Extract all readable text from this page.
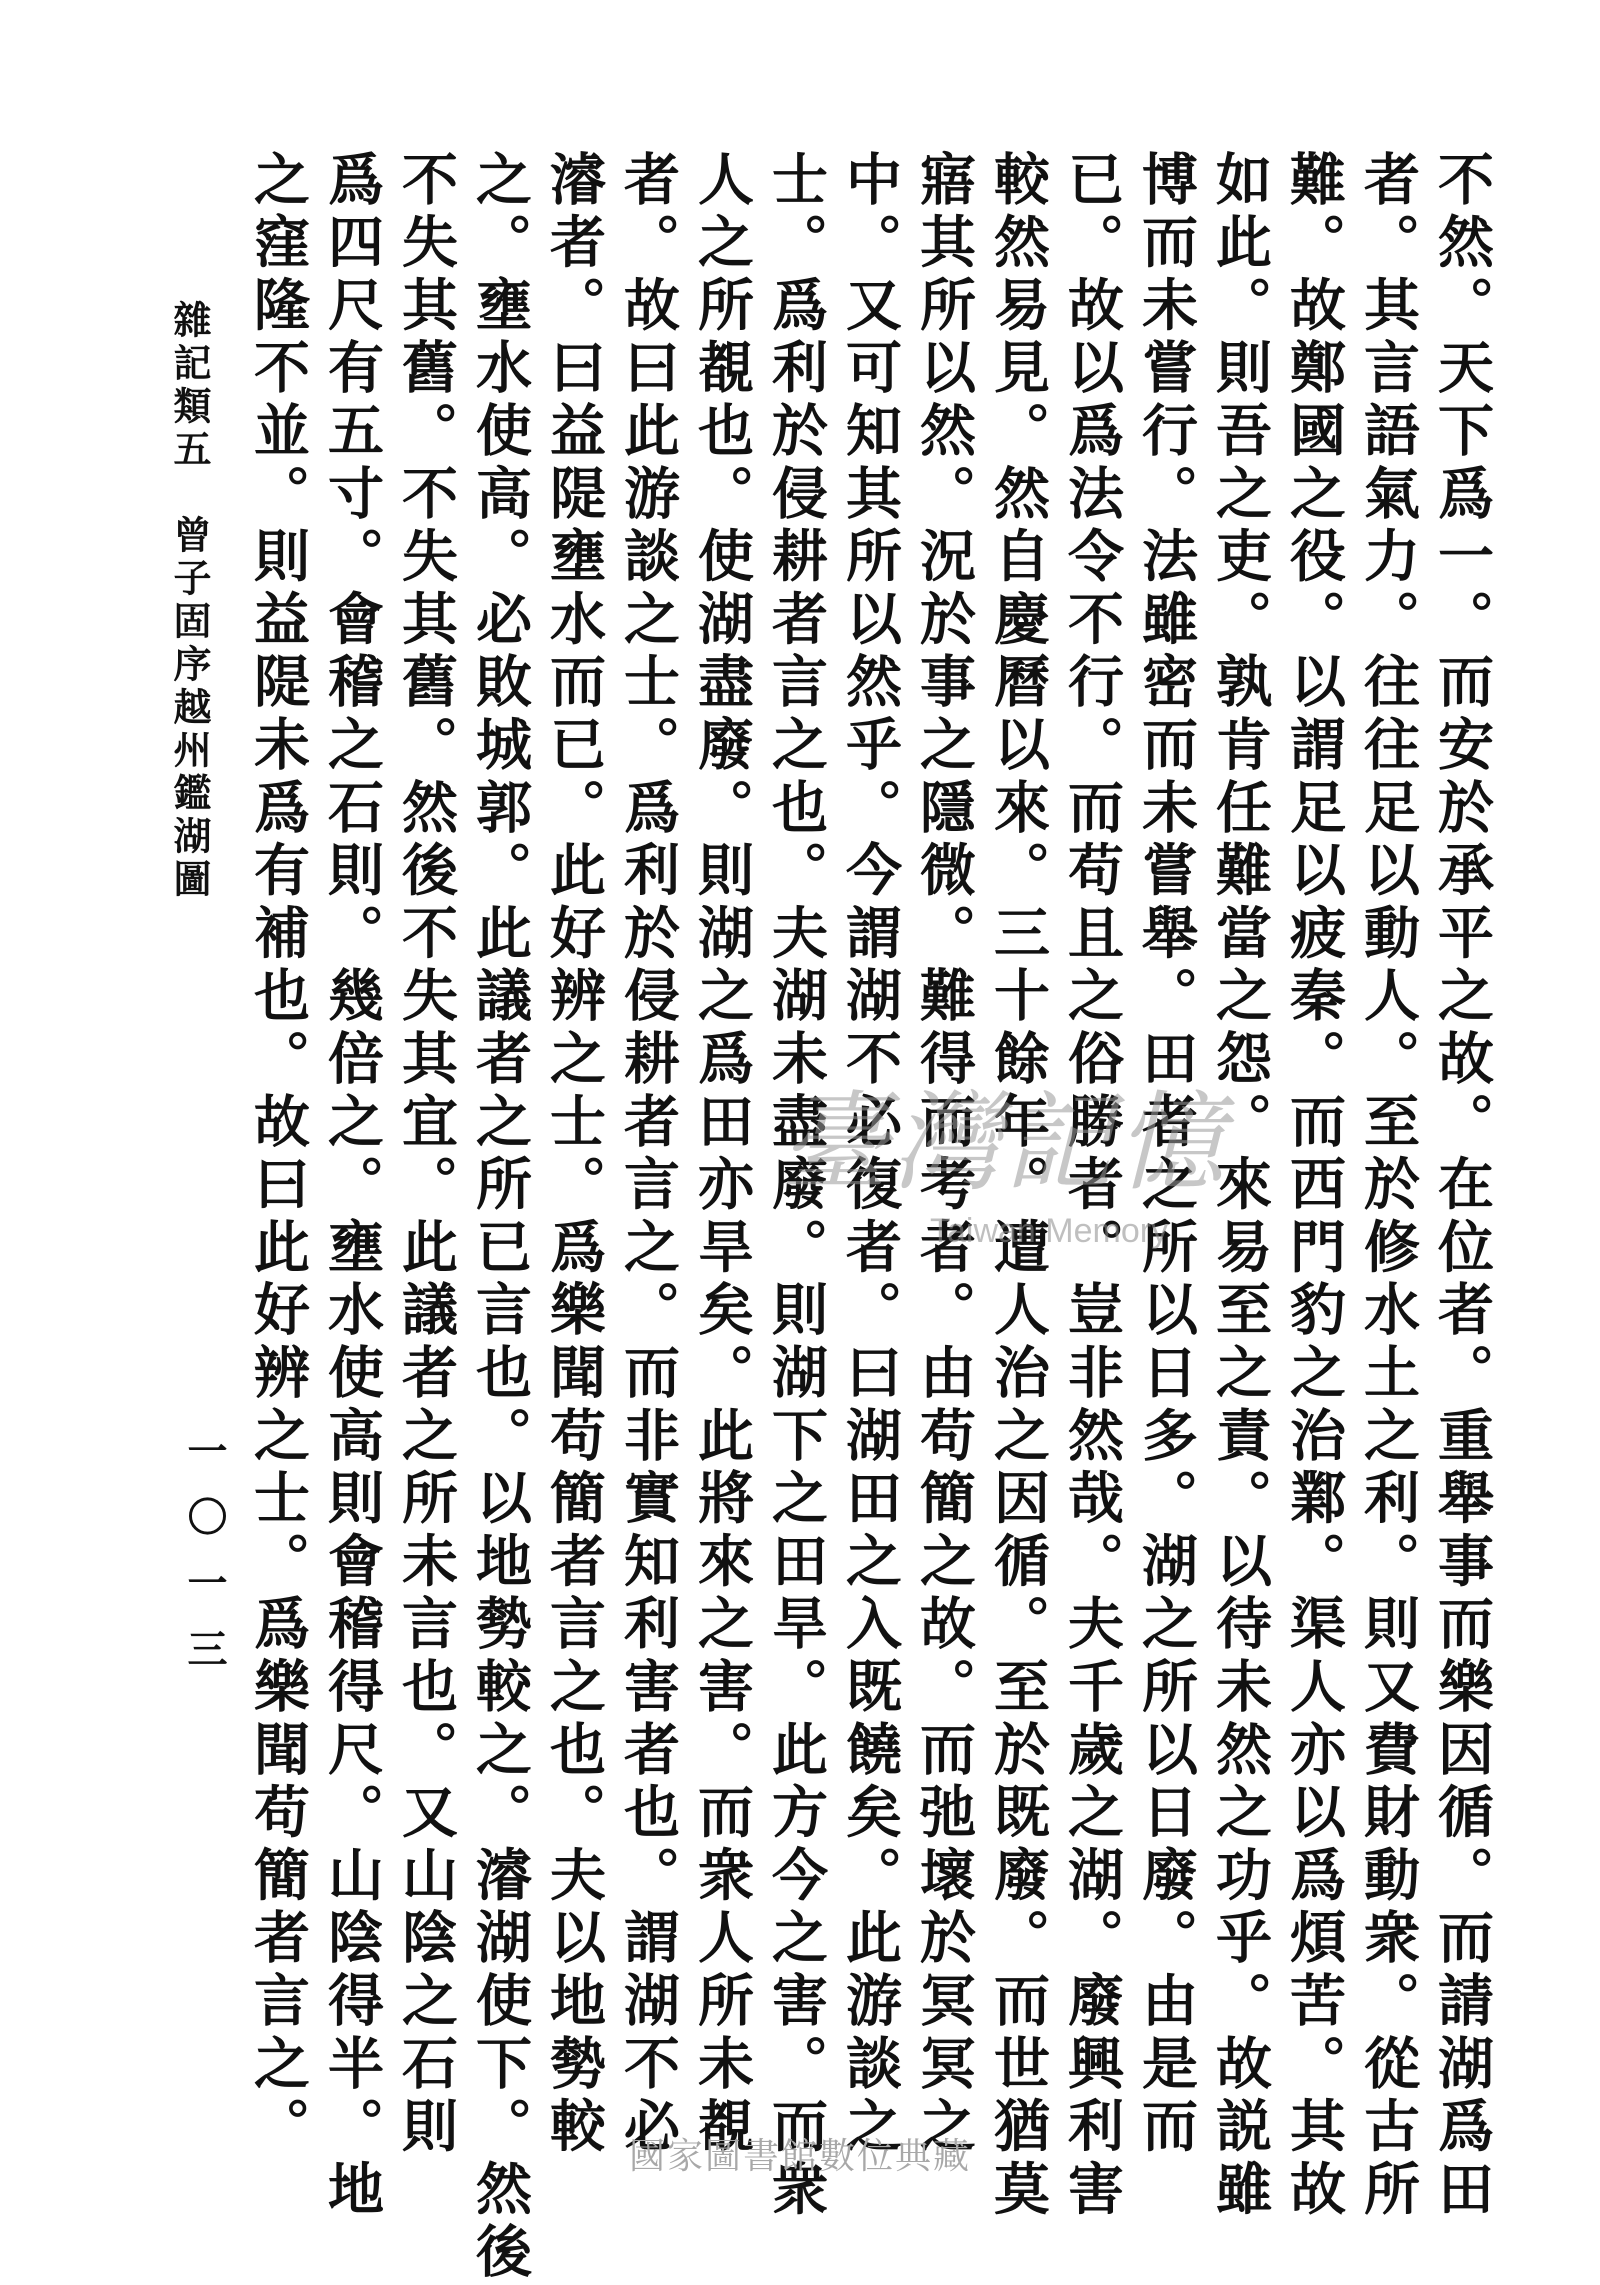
不然。天下爲一。而安於承平之故。在位者。重舉事而樂因循。而請湖爲田
者。其言語氣力。往往足以動人。至於修水土之利。則又費財動衆。從古所
難。故鄭國之役。以謂足以疲秦。而西門豹之治鄴。渠人亦以爲煩苦。其故
如此。則吾之吏。孰肯任難當之怨。來易至之責。以待未然之功乎。故説雖
博而未嘗行。法雖密而未嘗舉。田者之所以日多。湖之所以日廢。由是而
已。故以爲法令不行。而苟且之俗勝者。豈非然哉。夫千歲之湖。廢興利害
較然易見。然自慶曆以來。三十餘年。遭人治之因循。至於既廢。而世猶莫
寤其所以然。況於事之隱微。難得而考者。由苟簡之故。而弛壞於冥冥之
中。又可知其所以然乎。今謂湖不必復者。曰湖田之入既饒矣。此游談之
士。爲利於侵耕者言之也。夫湖未盡廢。則湖下之田旱。此方今之害。而衆
人之所覩也。使湖盡廢。則湖之爲田亦旱矣。此將來之害。而衆人所未覩
者。故曰此游談之士。爲利於侵耕者言之。而非實知利害者也。謂湖不必
濬者。曰益隄壅水而已。此好辨之士。爲樂聞苟簡者言之也。夫以地勢較
之。壅水使高。必敗城郭。此議者之所已言也。以地勢較之。濬湖使下。然後
不失其舊。不失其舊。然後不失其宜。此議者之所未言也。又山陰之石則
爲四尺有五寸。會稽之石則。幾倍之。壅水使高則會稽得尺。山陰得半。地
之窪隆不並。則益隄未爲有補也。故曰此好辨之士。爲樂聞苟簡者言之。
雜記類五　曾子固序越州鑑湖圖
一〇一三
臺灣記憶
Taiwan Memory
國家圖書館數位典藏
